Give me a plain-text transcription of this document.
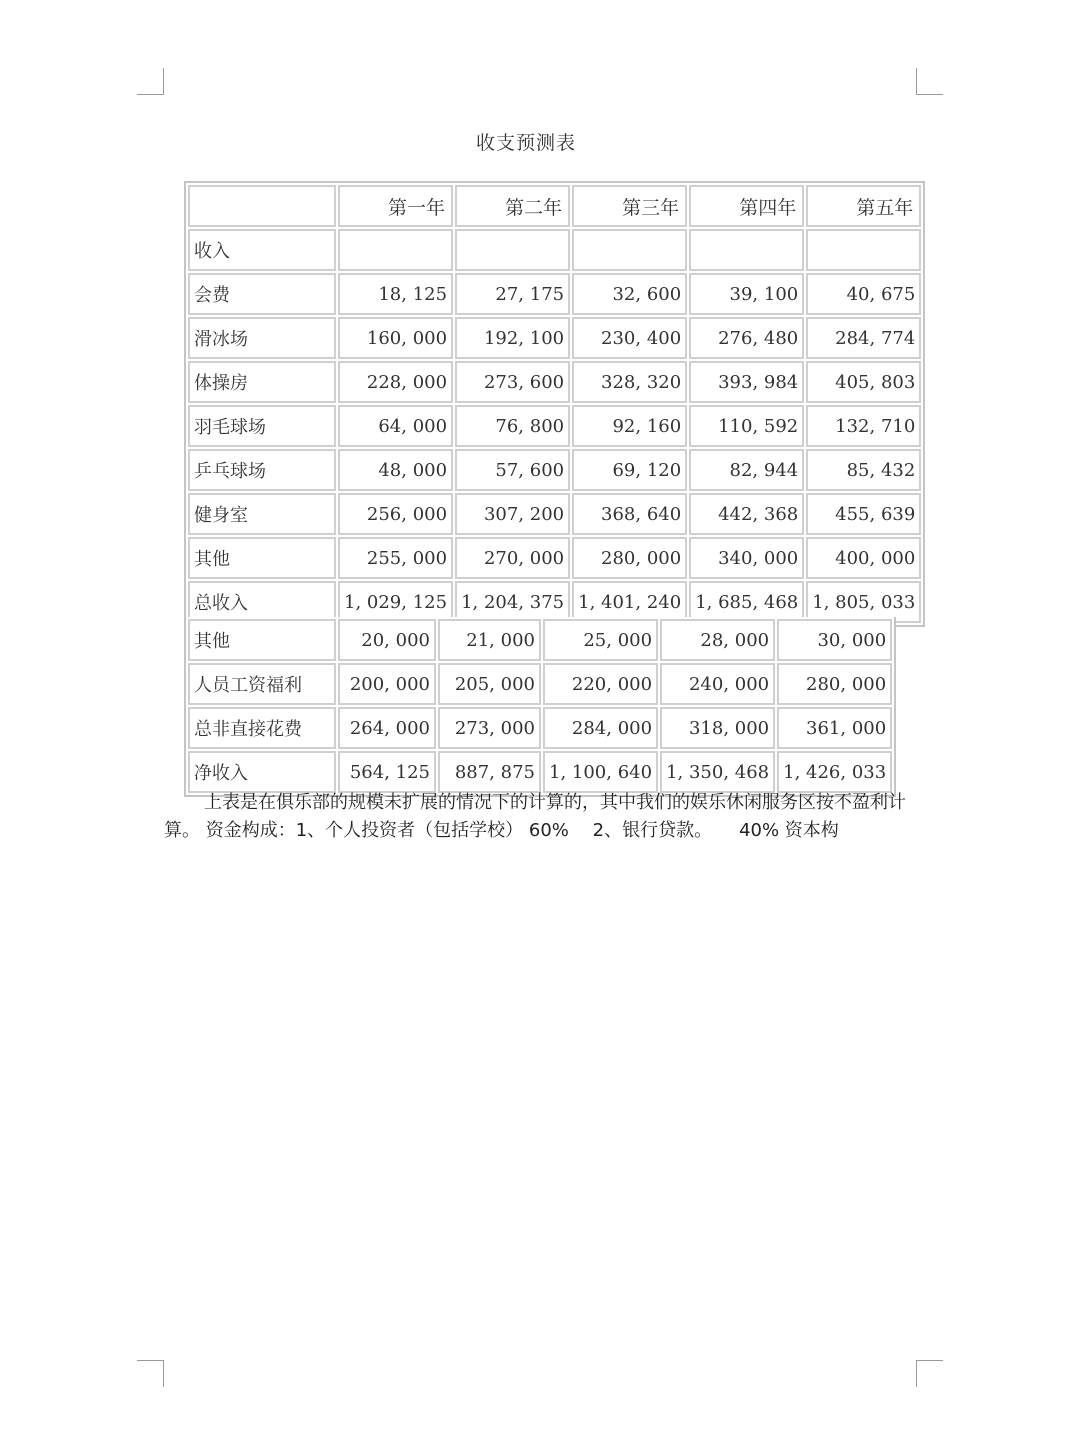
收支预测表
	第一年	第二年	第三年	第四年	第五年
收入					
会费	18, 125	27, 175	32, 600	39, 100	40, 675
滑冰场	160, 000	192, 100	230, 400	276, 480	284, 774
体操房	228, 000	273, 600	328, 320	393, 984	405, 803
羽毛球场	64, 000	76, 800	92, 160	110, 592	132, 710
乒乓球场	48, 000	57, 600	69, 120	82, 944	85, 432
健身室	256, 000	307, 200	368, 640	442, 368	455, 639
其他	255, 000	270, 000	280, 000	340, 000	400, 000
总收入	1, 029, 125	1, 204, 375	1, 401, 240	1, 685, 468	1, 805, 033
其他	20, 000	21, 000	25, 000	28, 000	30, 000
人员工资福利	200, 000	205, 000	220, 000	240, 000	280, 000
总非直接花费	264, 000	273, 000	284, 000	318, 000	361, 000
净收入	564, 125	887, 875	1, 100, 640	1, 350, 468	1, 426, 033
上表是在俱乐部的规模未扩展的情况下的计算的，其中我们的娱乐休闲服务区按不盈利计算。 资金构成：1、个人投资者（包括学校） 60%　 2、银行贷款。　　40% 资本构
